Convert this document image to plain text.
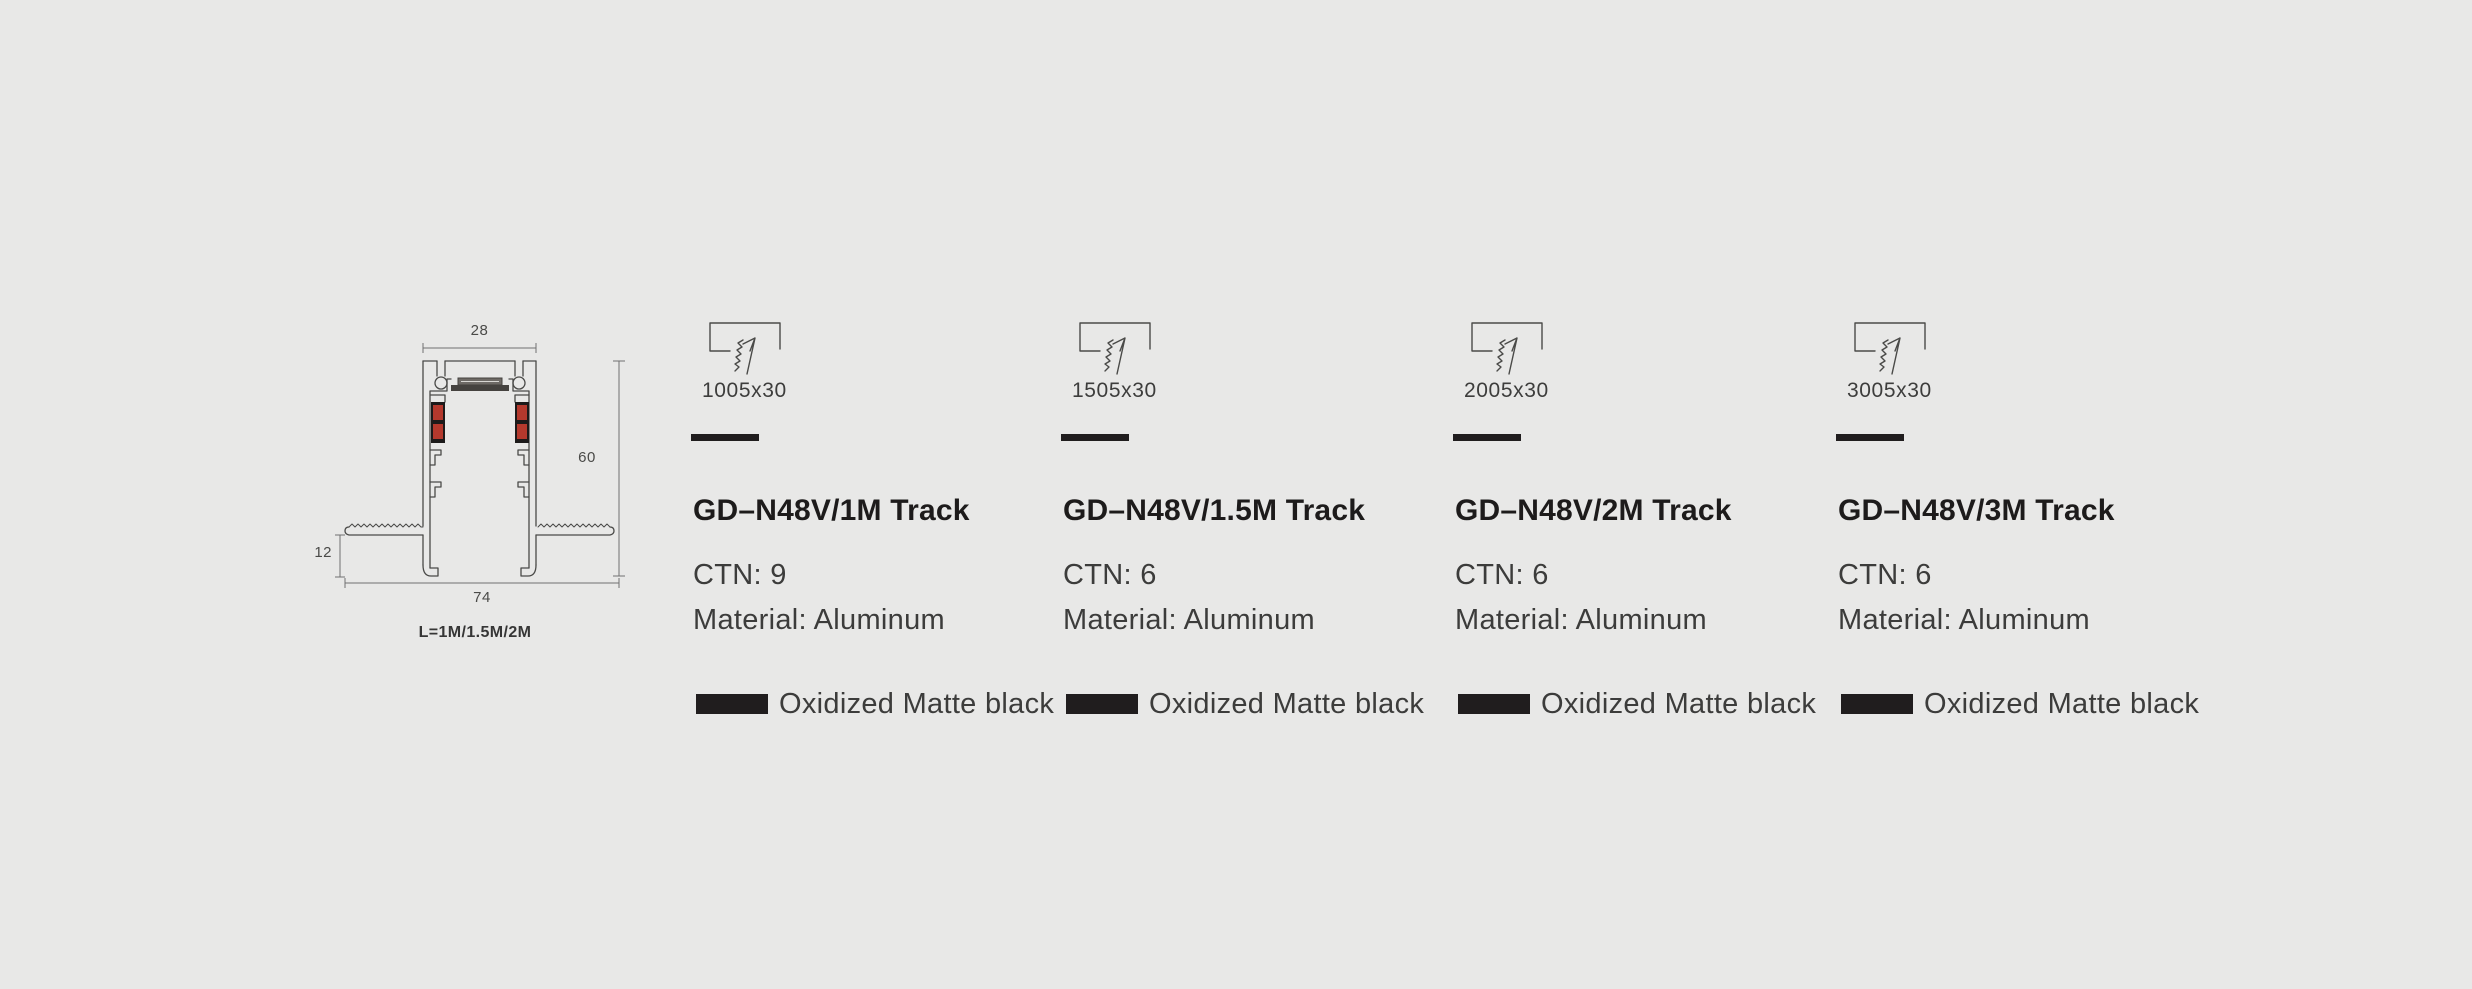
28
60
12
74
L=1M/1.5M/2M
1005x30
GD–N48V/1M Track

CTN: 9

Material: Aluminum

Oxidized Matte black
1505x30
GD–N48V/1.5M Track

CTN: 6

Material: Aluminum

Oxidized Matte black
2005x30
GD–N48V/2M Track

CTN: 6

Material: Aluminum

Oxidized Matte black
3005x30
GD–N48V/3M Track

CTN: 6

Material: Aluminum

Oxidized Matte black
